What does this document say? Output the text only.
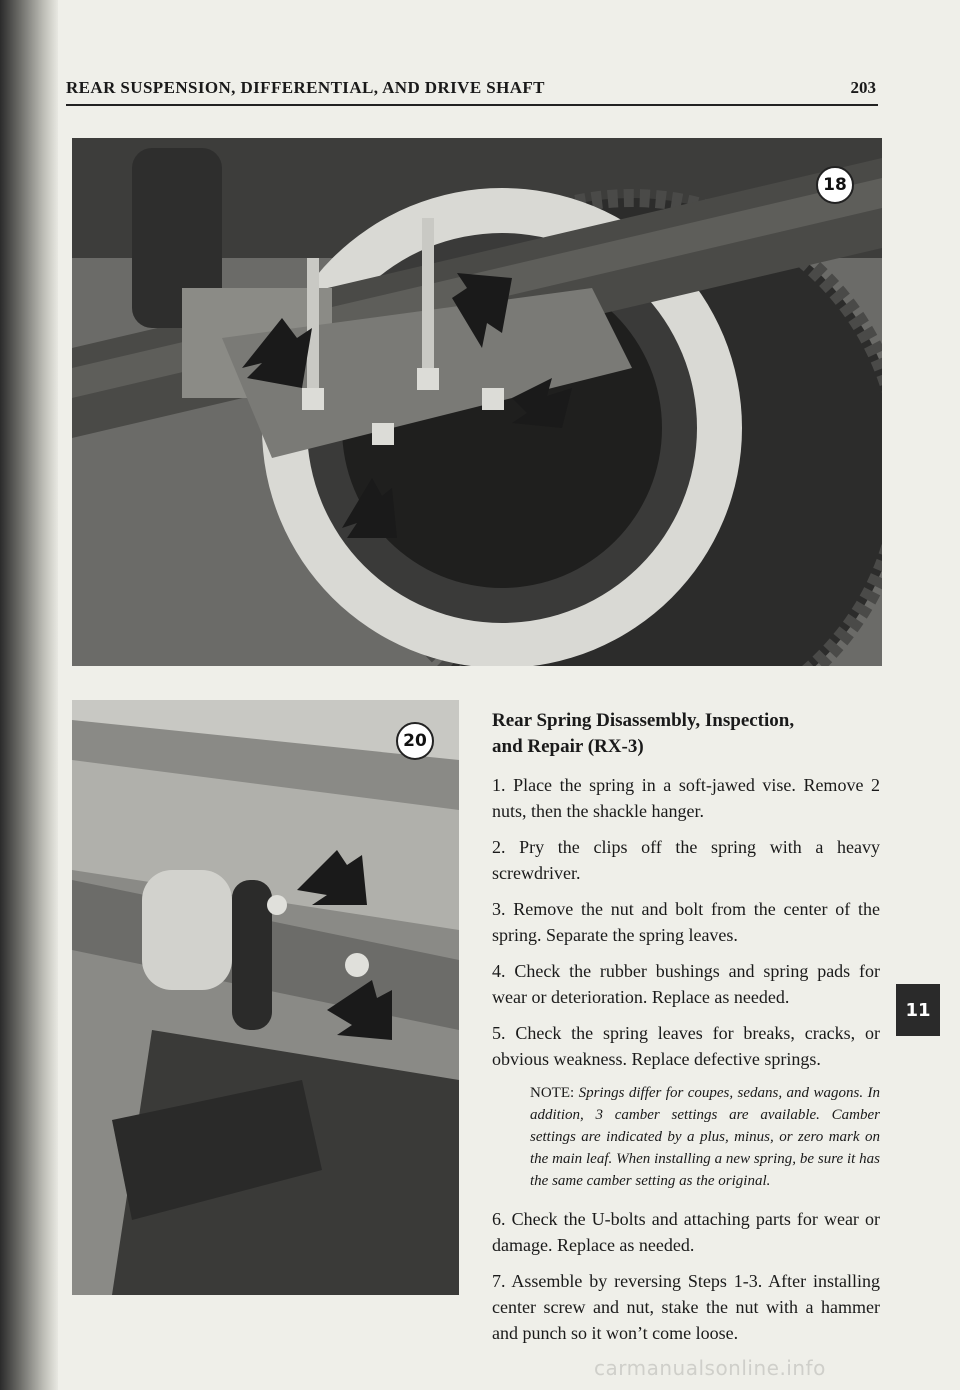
REAR SUSPENSION, DIFFERENTIAL, AND DRIVE SHAFT	203
18
20
Rear Spring Disassembly, Inspection,
and Repair (RX-3)

1. Place the spring in a soft-jawed vise. Remove 2 nuts, then the shackle hanger.

2. Pry the clips off the spring with a heavy screwdriver.

3. Remove the nut and bolt from the center of the spring. Separate the spring leaves.

4. Check the rubber bushings and spring pads for wear or deterioration. Replace as needed.

5. Check the spring leaves for breaks, cracks, or obvious weakness. Replace defective springs.

NOTE: Springs differ for coupes, sedans, and wagons. In addition, 3 camber settings are available. Camber settings are indicated by a plus, minus, or zero mark on the main leaf. When installing a new spring, be sure it has the same camber setting as the original.

6. Check the U-bolts and attaching parts for wear or damage. Replace as needed.

7. Assemble by reversing Steps 1-3. After installing center screw and nut, stake the nut with a hammer and punch so it won’t come loose.

11
carmanualsonline.info
